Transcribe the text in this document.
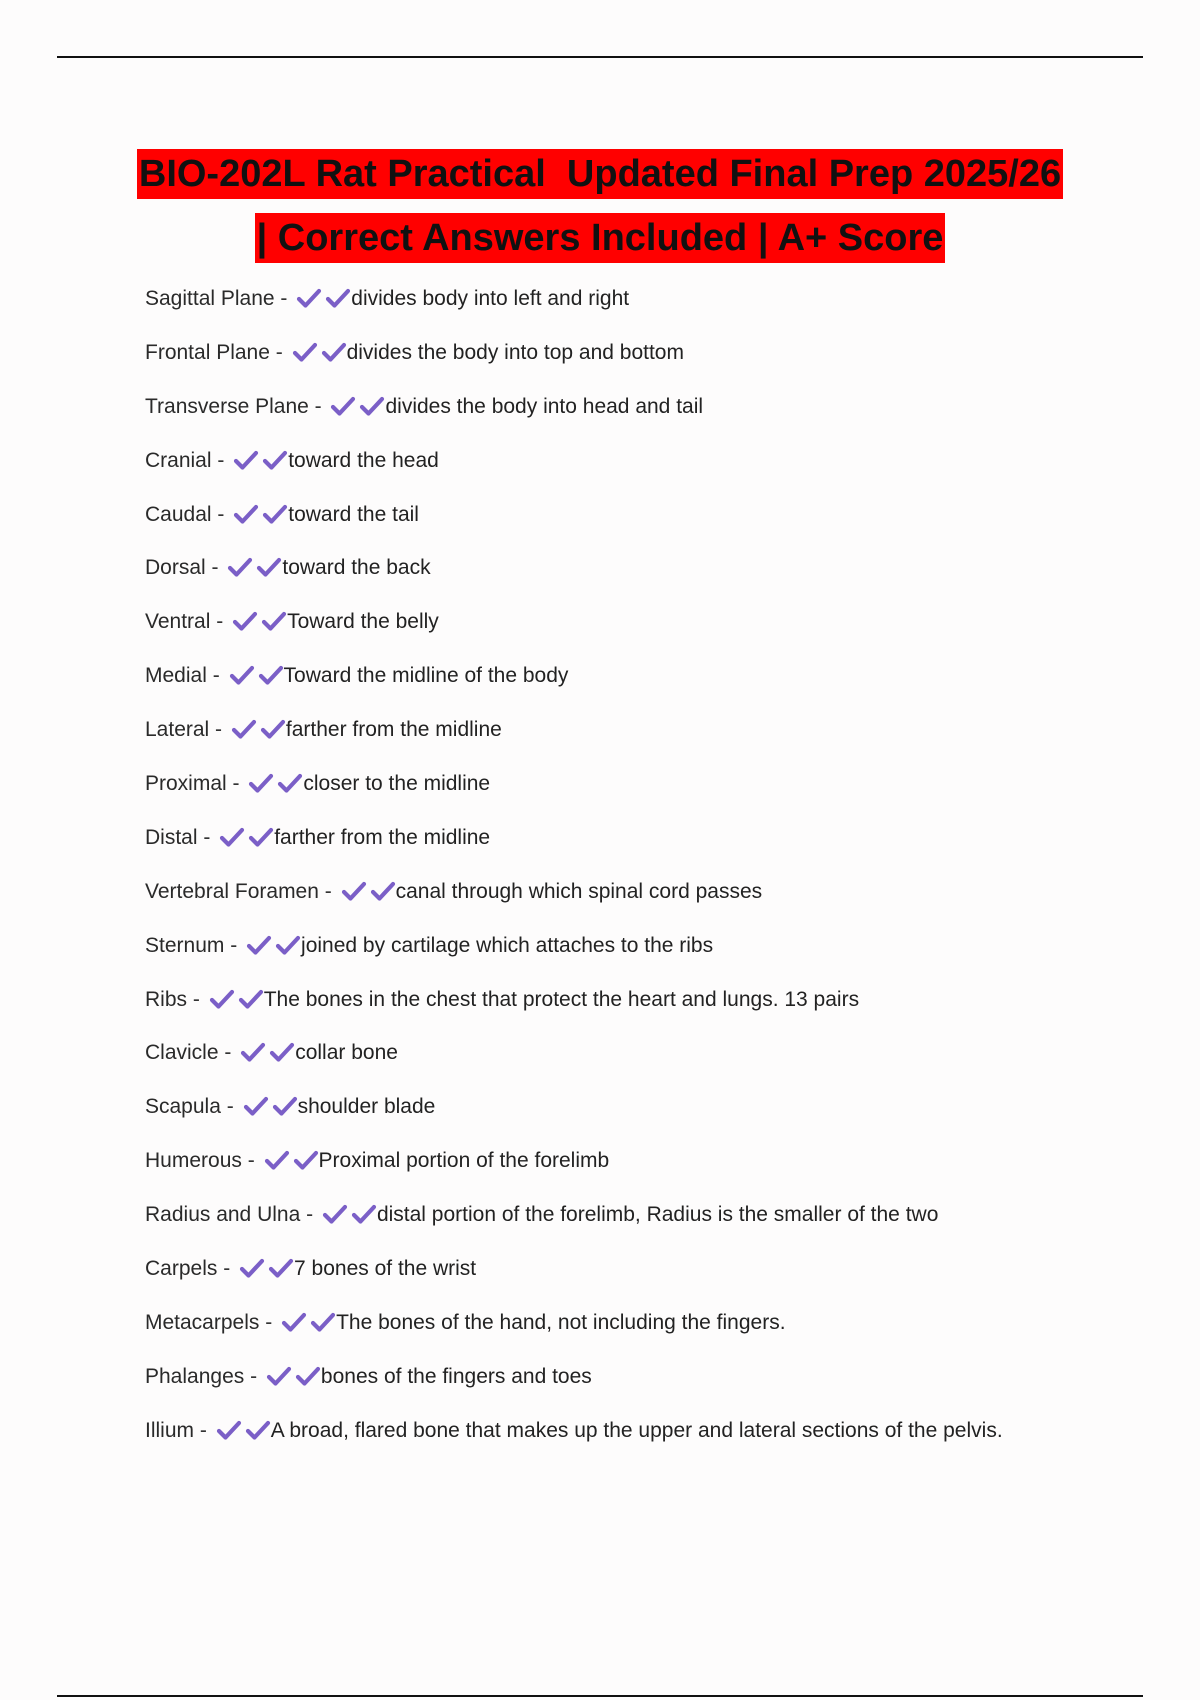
BIO-202L Rat Practical  Updated Final Prep 2025/26
| Correct Answers Included | A+ Score
Sagittal Plane -	divides body into left and right
Frontal Plane -	divides the body into top and bottom
Transverse Plane -	divides the body into head and tail
Cranial -	toward the head
Caudal -	toward the tail
Dorsal -	toward the back
Ventral -	Toward the belly
Medial -	Toward the midline of the body
Lateral -	farther from the midline
Proximal -	closer to the midline
Distal -	farther from the midline
Vertebral Foramen -	canal through which spinal cord passes
Sternum -	joined by cartilage which attaches to the ribs
Ribs -	The bones in the chest that protect the heart and lungs. 13 pairs
Clavicle -	collar bone
Scapula -	shoulder blade
Humerous -	Proximal portion of the forelimb
Radius and Ulna -	distal portion of the forelimb, Radius is the smaller of the two
Carpels -	7 bones of the wrist
Metacarpels -	The bones of the hand, not including the fingers.
Phalanges -	bones of the fingers and toes
Illium -	A broad, flared bone that makes up the upper and lateral sections of the pelvis.
